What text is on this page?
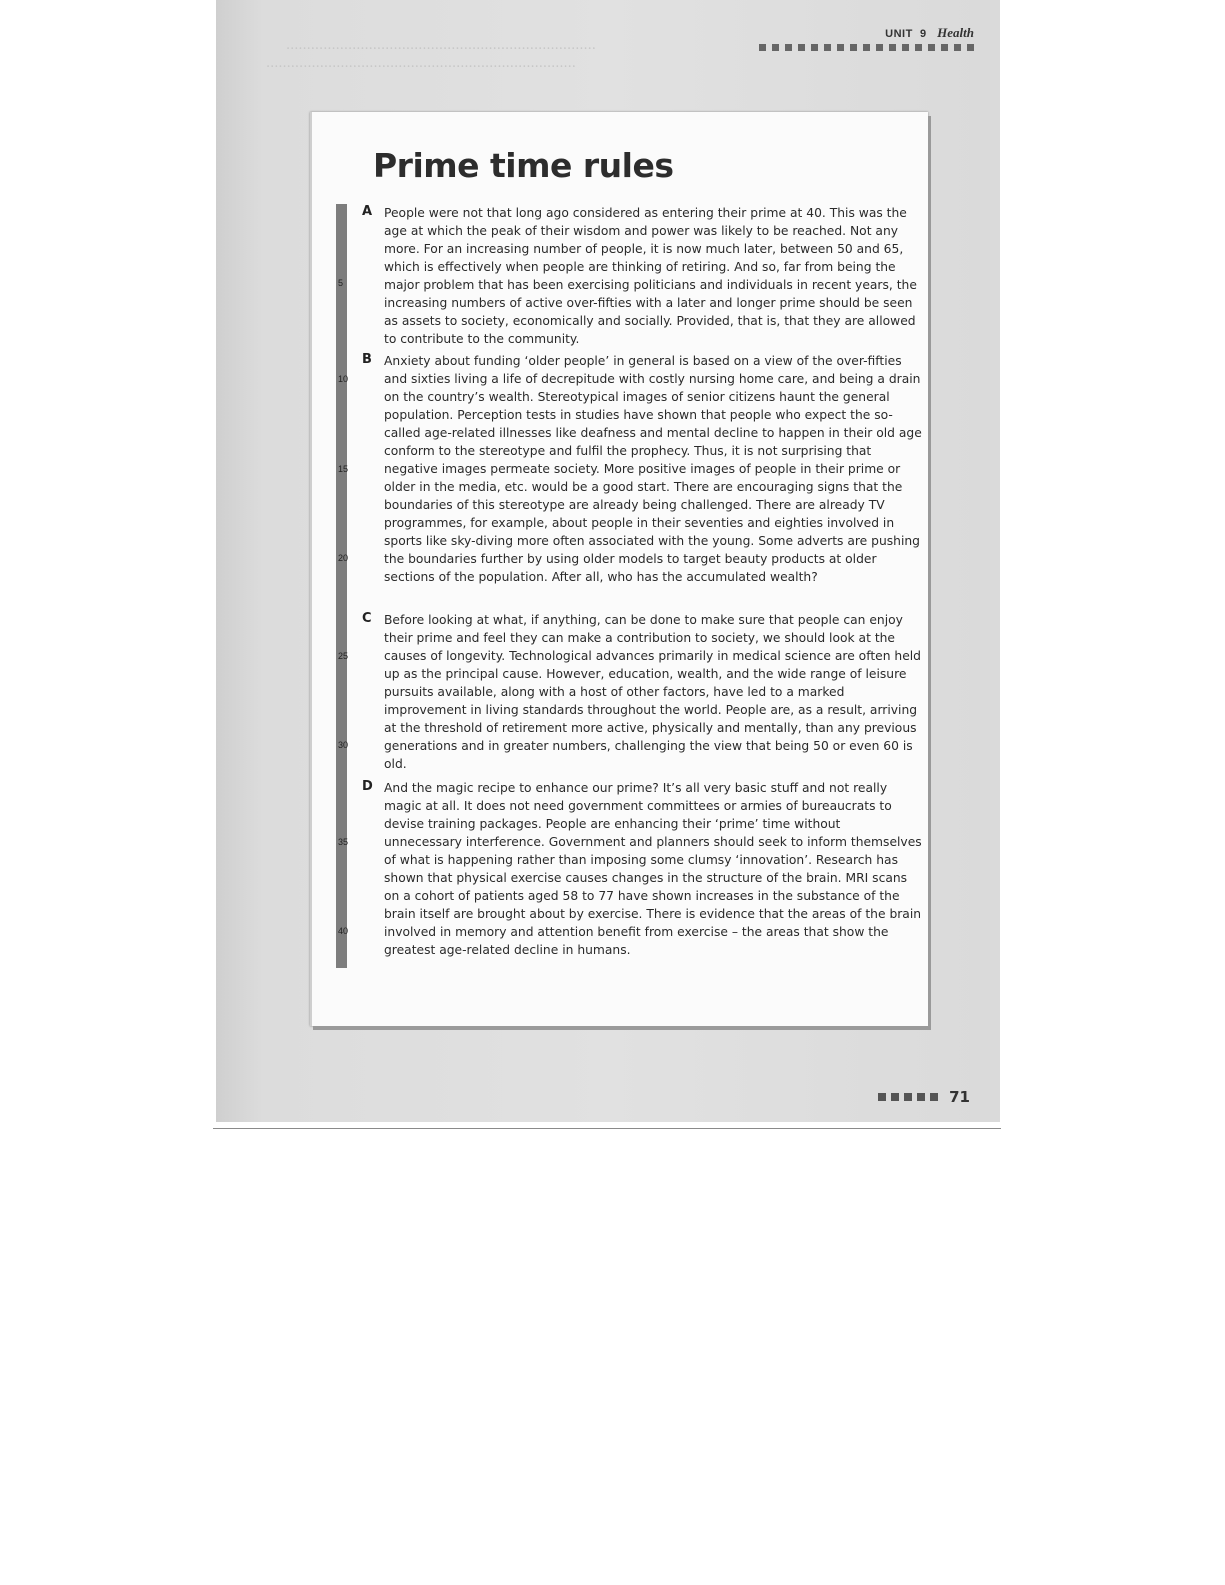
...........................................................................
...........................................................................
UNIT 9 Health
71
Prime time rules
5
10
15
20
25
30
35
40
A People were not that long ago considered as entering their prime at 40. This was the age at which the peak of their wisdom and power was likely to be reached. Not any more. For an increasing number of people, it is now much later, between 50 and 65, which is effectively when people are thinking of retiring. And so, far from being the major problem that has been exercising politicians and individuals in recent years, the increasing numbers of active over-fifties with a later and longer prime should be seen as assets to society, economically and socially. Provided, that is, that they are allowed to contribute to the community.

B Anxiety about funding ‘older people’ in general is based on a view of the over-fifties and sixties living a life of decrepitude with costly nursing home care, and being a drain on the country’s wealth. Stereotypical images of senior citizens haunt the general population. Perception tests in studies have shown that people who expect the so-called age-related illnesses like deafness and mental decline to happen in their old age conform to the stereotype and fulfil the prophecy. Thus, it is not surprising that negative images permeate society. More positive images of people in their prime or older in the media, etc. would be a good start. There are encouraging signs that the boundaries of this stereotype are already being challenged. There are already TV programmes, for example, about people in their seventies and eighties involved in sports like sky-diving more often associated with the young. Some adverts are pushing the boundaries further by using older models to target beauty products at older sections of the population. After all, who has the accumulated wealth?

C Before looking at what, if anything, can be done to make sure that people can enjoy their prime and feel they can make a contribution to society, we should look at the causes of longevity. Technological advances primarily in medical science are often held up as the principal cause. However, education, wealth, and the wide range of leisure pursuits available, along with a host of other factors, have led to a marked improvement in living standards throughout the world. People are, as a result, arriving at the threshold of retirement more active, physically and mentally, than any previous generations and in greater numbers, challenging the view that being 50 or even 60 is old.

D And the magic recipe to enhance our prime? It’s all very basic stuff and not really magic at all. It does not need government committees or armies of bureaucrats to devise training packages. People are enhancing their ‘prime’ time without unnecessary interference. Government and planners should seek to inform themselves of what is happening rather than imposing some clumsy ‘innovation’. Research has shown that physical exercise causes changes in the structure of the brain. MRI scans on a cohort of patients aged 58 to 77 have shown increases in the substance of the brain itself are brought about by exercise. There is evidence that the areas of the brain involved in memory and attention benefit from exercise – the areas that show the greatest age-related decline in humans.
